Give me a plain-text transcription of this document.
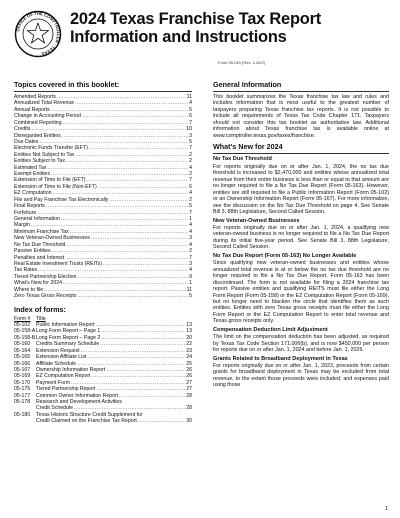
OFFICE OF THE COMPTROLLER · TEXAS
2024 Texas Franchise Tax Report
Information and Instructions
Form 05-910 (Rev. 1-24/2)
Topics covered in this booklet:
Amended Reports .....	11
Annualized Total Revenue .....	4
Annual Reports .....	5
Change in Accounting Period .....	6
Combined Reporting .....	7
Credits .....	10
Disregarded Entities .....	3
Due Dates .....	5
Electronic Funds Transfer (EFT) .....	7
Entities Not Subject to Tax .....	2
Entities Subject to Tax .....	2
Estimated Tax .....	4
Exempt Entities .....	2
Extension of Time to File (EFT) .....	7
Extension of Time to File (Non-EFT) .....	6
EZ Computation .....	4
File and Pay Franchise Tax Electronically .....	2
Final Reports .....	5
Forfeiture .....	7
General Information .....	1
Margin .....	4
Minimum Franchise Tax .....	4
New Veteran-Owned Businesses .....	3
No Tax Due Threshold .....	4
Passive Entities .....	2
Penalties and Interest .....	7
Real Estate Investment Trusts (REITs) .....	3
Tax Rates .....	4
Tiered Partnership Election .....	9
What's New for 2024 .....	1
Where to file .....	11
Zero Texas Gross Receipts .....	5
Index of forms:
Form #	Title
05-102	Public Information Report .....	13
05-158-A Long Form Report – Page 1 .....	13
05-158-B Long Form Report – Page 2 .....	20
05-160	Credits Summary Schedule .....	22
05-164	Extension Request .....	23
05-165	Extension Affiliate List .....	24
05-166	Affiliate Schedule .....	25
05-167	Ownership Information Report .....	26
05-169	EZ Computation Report .....	26
05-170	Payment Form .....	27
05-175	Tiered Partnership Report .....	27
05-177	Common Owner Information Report .....	28
05-178	Research and Development Activities
Credit Schedule .....	28
05-180	Texas Historic Structure Credit Supplement for
Credit Claimed on the Franchise Tax Report .....	30
General Information

This booklet summarizes the Texas franchise tax law and rules and includes information that is most useful to the greatest number of taxpayers preparing Texas franchise tax reports. It is not possible to include all requirements of Texas Tax Code Chapter 171. Taxpayers should not consider this tax booklet as authoritative law. Additional information about Texas franchise tax is available online at www.comptroller.texas.gov/taxes/franchise.

What's New for 2024
No Tax Due Threshold

For reports originally due on or after Jan. 1, 2024, the no tax due threshold is increased to $2,470,000 and entities whose annualized total revenue from their entire business is less than or equal to that amount are no longer required to file a No Tax Due Report (Form 05-163). However, entities are still required to file a Public Information Report (Form 05-102) or an Ownership Information Report (Form 05-167). For more information, see the discussion on the No Tax Due Threshold on page 4. See Senate Bill 3, 88th Legislature, Second Called Session.

New Veteran-Owned Businesses

For reports originally due on or after Jan. 1, 2024, a qualifying new veteran-owned business is no longer required to file a No Tax Due Report during its initial five-year period. See Senate Bill 3, 88th Legislature, Second Called Session.

No Tax Due Report (Form 05-163) No Longer Available

Since qualifying new veteran-owned businesses and entities whose annualized total revenue is at or below the no tax due threshold are no longer required to file a No Tax Due Report, Form 05-163 has been discontinued. The form is not available for filing a 2024 franchise tax report. Passive entities and qualifying REITS must file either the Long Form Report (Form 05-158) or the EZ Computation Report (Form 05-169), but no longer need to blacken the circle that identifies them as such entities. Entities with zero Texas gross receipts must file either the Long Form Report or the EZ Computation Report to enter total revenue and Texas gross receipts only.

Compensation Deduction Limit Adjustment

The limit on the compensation deduction has been adjusted, as required by Texas Tax Code Section 171.006(b), and is now $450,000 per person for reports due on or after Jan. 1, 2024 and before Jan. 1, 2026.

Grants Related to Broadband Deployment in Texas

For reports originally due on or after Jan. 1, 2023, proceeds from certain grants for broadband deployment in Texas may be excluded from total revenue, to the extent those proceeds were included; and expenses paid using those

1
